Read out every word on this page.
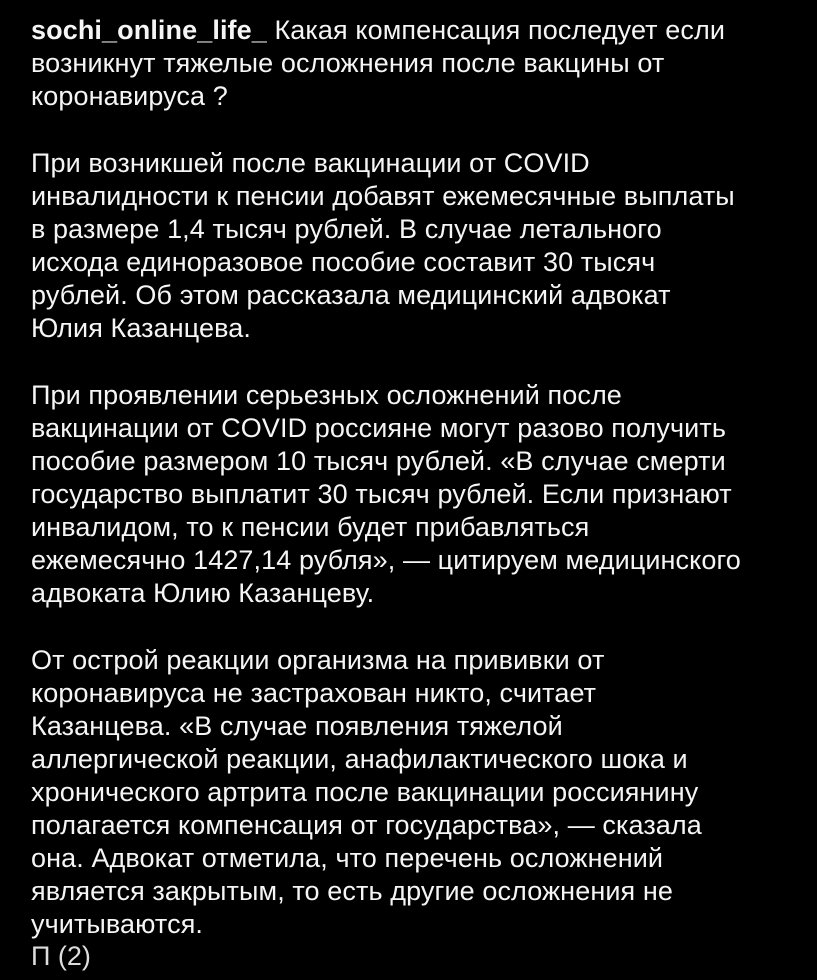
sochi_online_life_ Какая компенсация последует если
возникнут тяжелые осложнения после вакцины от
коронавируса ?

При возникшей после вакцинации от COVID
инвалидности к пенсии добавят ежемесячные выплаты
в размере 1,4 тысяч рублей. В случае летального
исхода единоразовое пособие составит 30 тысяч
рублей. Об этом рассказала медицинский адвокат
Юлия Казанцева.

При проявлении серьезных осложнений после
вакцинации от COVID россияне могут разово получить
пособие размером 10 тысяч рублей. «В случае смерти
государство выплатит 30 тысяч рублей. Если признают
инвалидом, то к пенсии будет прибавляться
ежемесячно 1427,14 рубля», — цитируем медицинского
адвоката Юлию Казанцеву.

От острой реакции организма на прививки от
коронавируса не застрахован никто, считает
Казанцева. «В случае появления тяжелой
аллергической реакции, анафилактического шока и
хронического артрита после вакцинации россиянину
полагается компенсация от государства», — сказала
она. Адвокат отметила, что перечень осложнений
является закрытым, то есть другие осложнения не
учитываются.

П (2)
